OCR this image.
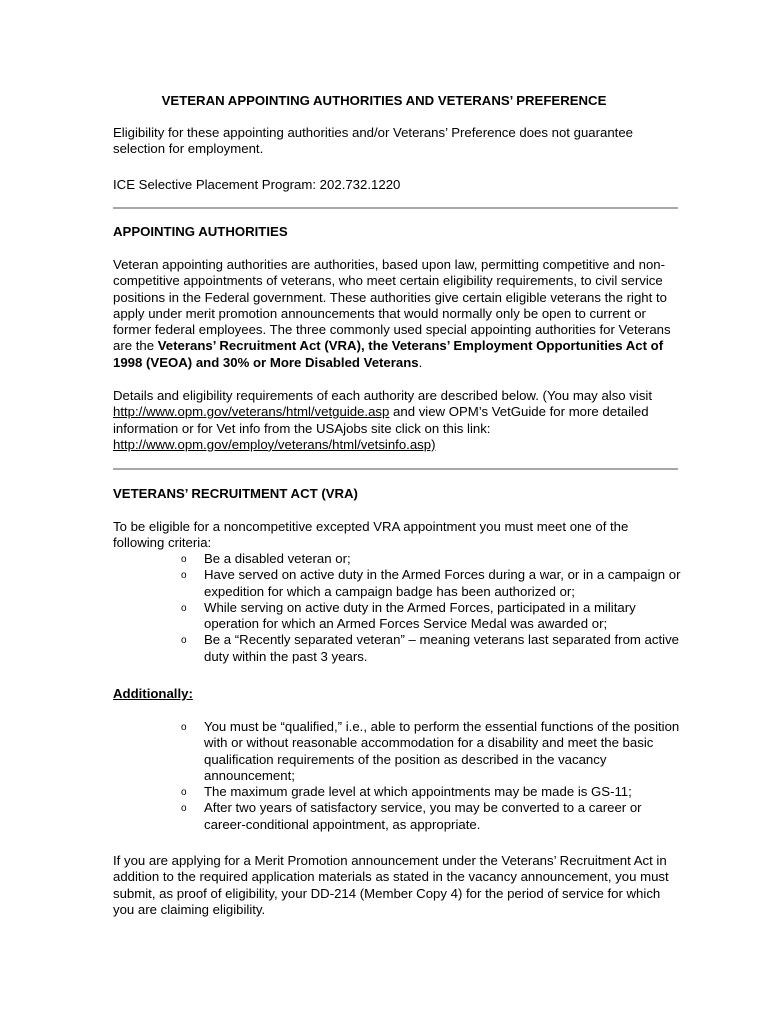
VETERAN APPOINTING AUTHORITIES AND VETERANS’ PREFERENCE

Eligibility for these appointing authorities and/or Veterans’ Preference does not guarantee selection for employment.

ICE Selective Placement Program: 202.732.1220

APPOINTING AUTHORITIES

Veteran appointing authorities are authorities, based upon law, permitting competitive and non-competitive appointments of veterans, who meet certain eligibility requirements, to civil service positions in the Federal government. These authorities give certain eligible veterans the right to apply under merit promotion announcements that would normally only be open to current or former federal employees. The three commonly used special appointing authorities for Veterans are the Veterans’ Recruitment Act (VRA), the Veterans’ Employment Opportunities Act of 1998 (VEOA) and 30% or More Disabled Veterans.

Details and eligibility requirements of each authority are described below. (You may also visit http://www.opm.gov/veterans/html/vetguide.asp and view OPM’s VetGuide for more detailed information or for Vet info from the USAjobs site click on this link: http://www.opm.gov/employ/veterans/html/vetsinfo.asp)

VETERANS’ RECRUITMENT ACT (VRA)

To be eligible for a noncompetitive excepted VRA appointment you must meet one of the following criteria:

o Be a disabled veteran or;
o Have served on active duty in the Armed Forces during a war, or in a campaign or expedition for which a campaign badge has been authorized or;
o While serving on active duty in the Armed Forces, participated in a military operation for which an Armed Forces Service Medal was awarded or;
o Be a “Recently separated veteran” – meaning veterans last separated from active duty within the past 3 years.
Additionally:
o You must be “qualified,” i.e., able to perform the essential functions of the position with or without reasonable accommodation for a disability and meet the basic qualification requirements of the position as described in the vacancy announcement;
o The maximum grade level at which appointments may be made is GS-11;
o After two years of satisfactory service, you may be converted to a career or career-conditional appointment, as appropriate.

If you are applying for a Merit Promotion announcement under the Veterans’ Recruitment Act in addition to the required application materials as stated in the vacancy announcement, you must submit, as proof of eligibility, your DD-214 (Member Copy 4) for the period of service for which you are claiming eligibility.
